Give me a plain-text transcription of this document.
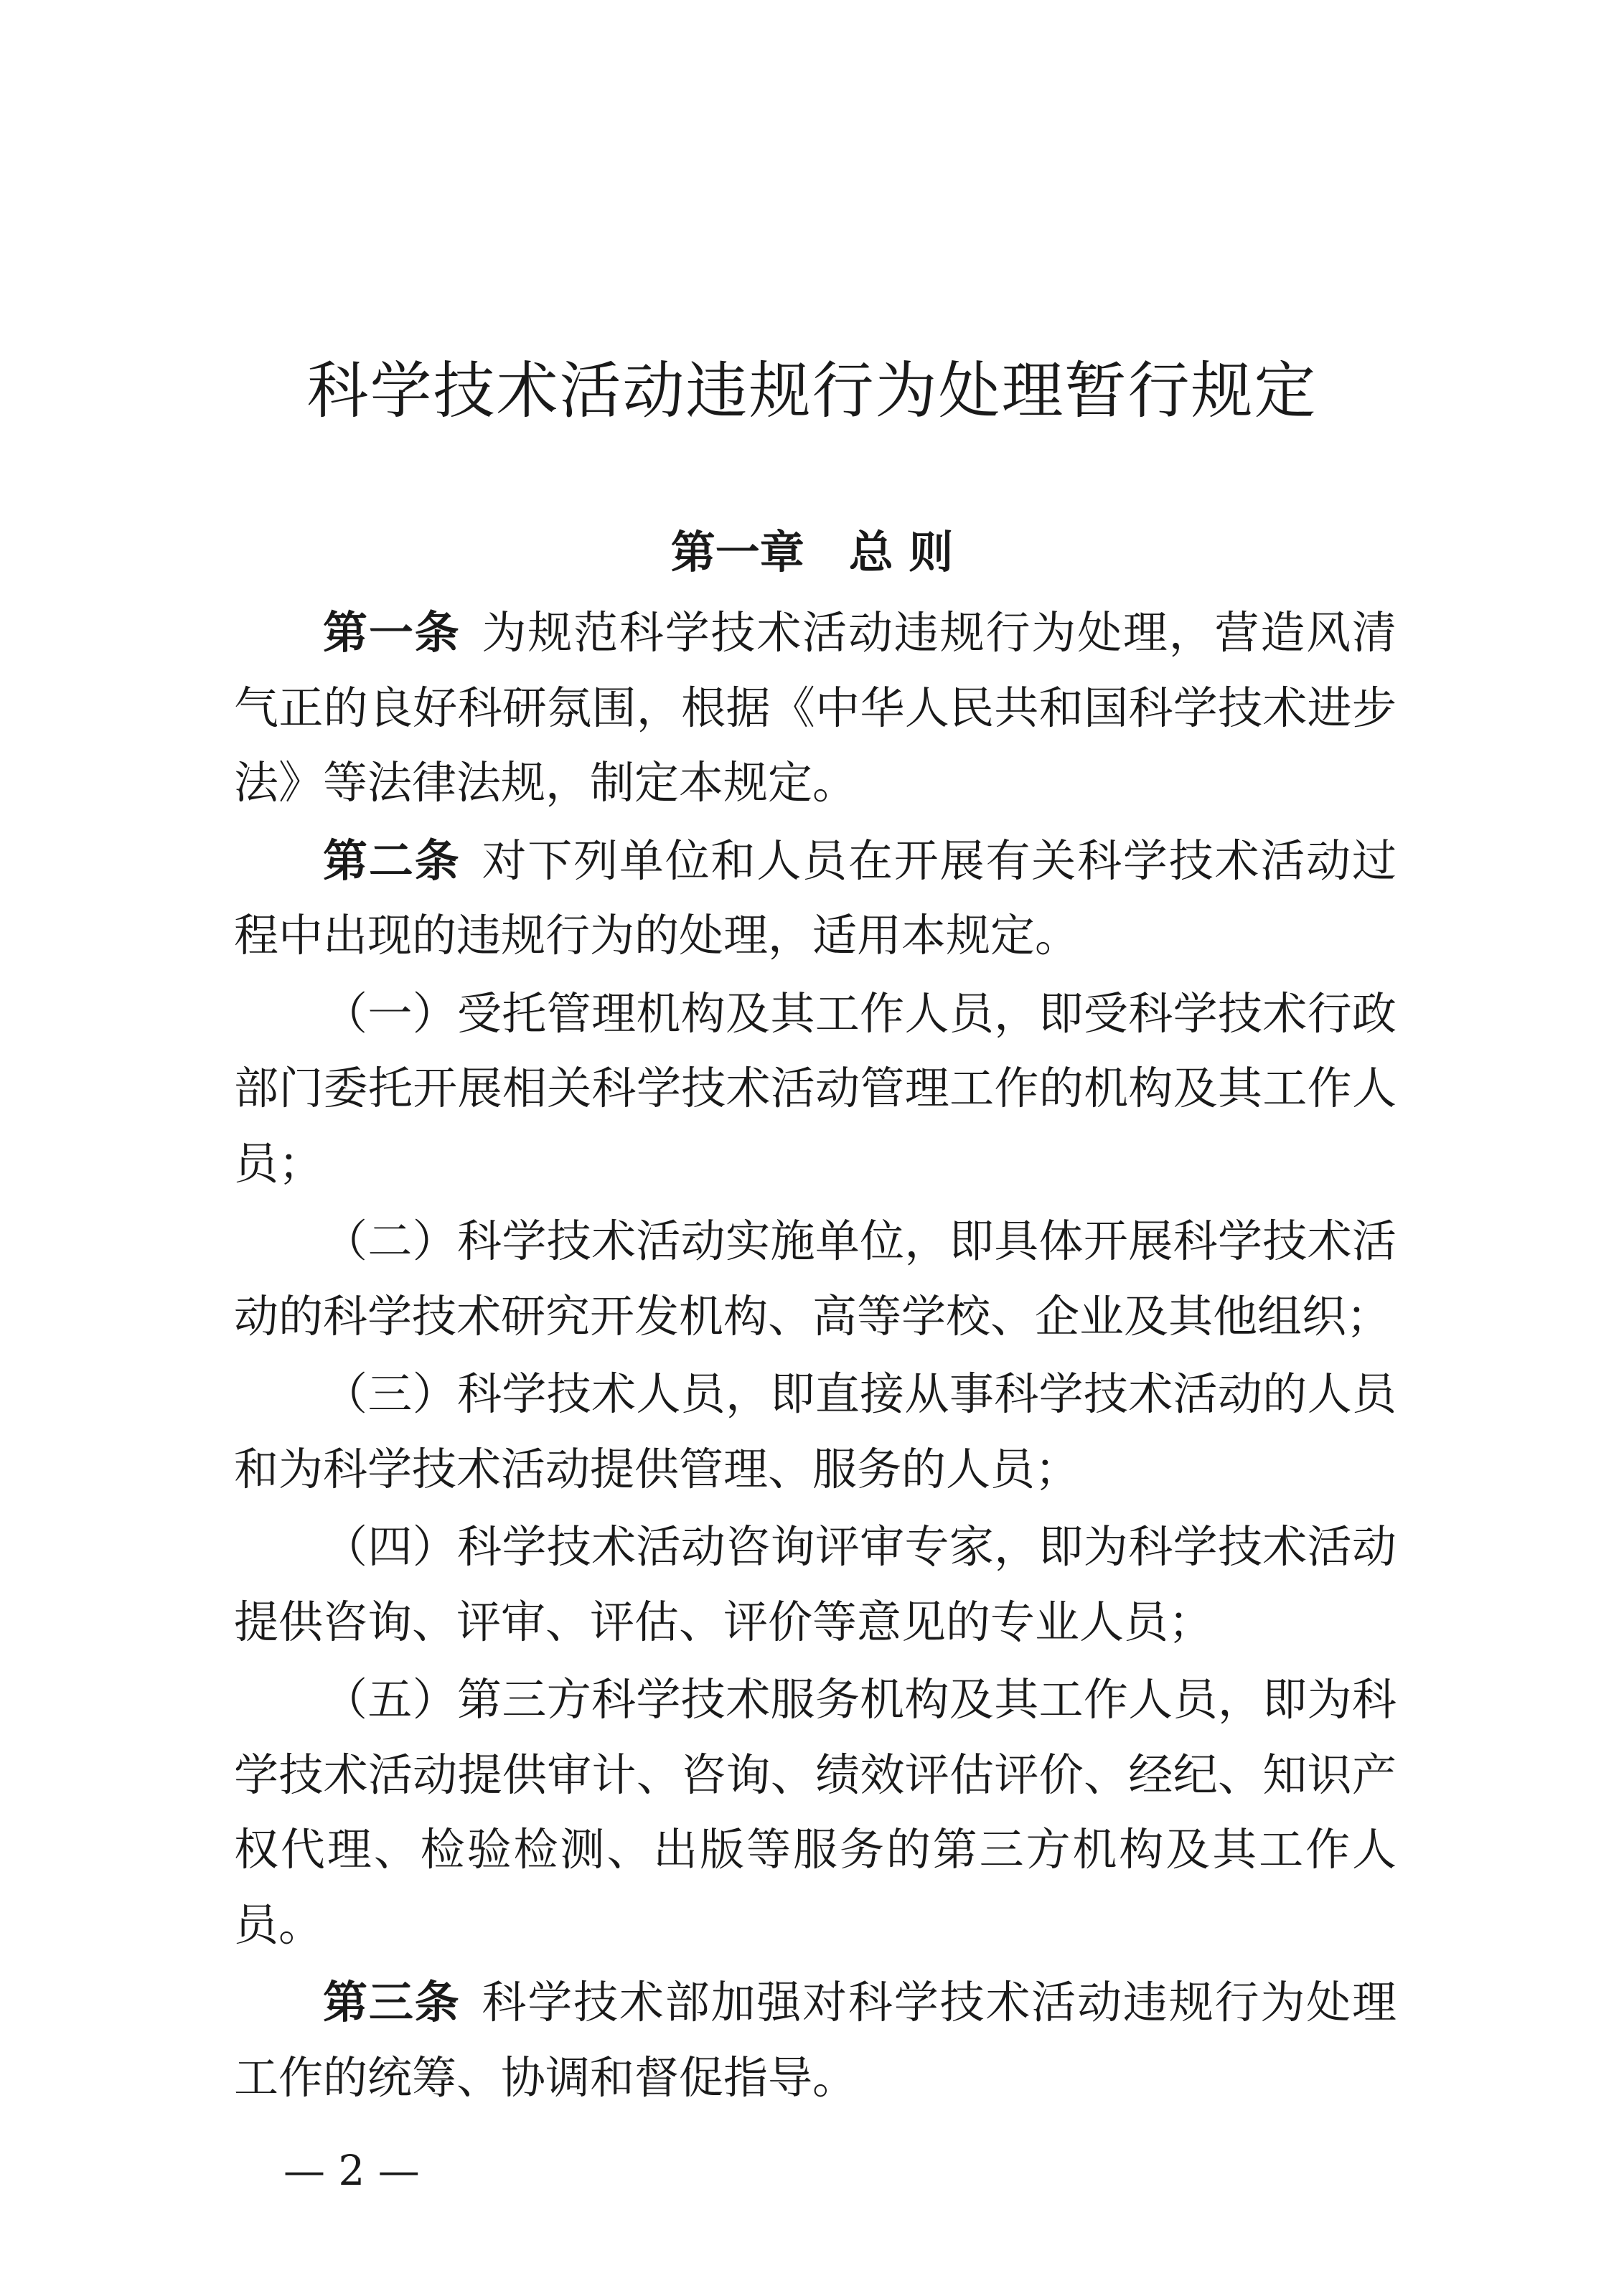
科学技术活动违规行为处理暂行规定
第一章　总 则

第一条 为规范科学技术活动违规行为处理，营造风清气正的良好科研氛围，根据《中华人民共和国科学技术进步法》等法律法规，制定本规定。

第二条 对下列单位和人员在开展有关科学技术活动过程中出现的违规行为的处理，适用本规定。

（一）受托管理机构及其工作人员，即受科学技术行政部门委托开展相关科学技术活动管理工作的机构及其工作人员；

（二）科学技术活动实施单位，即具体开展科学技术活动的科学技术研究开发机构、高等学校、企业及其他组织；

（三）科学技术人员，即直接从事科学技术活动的人员和为科学技术活动提供管理、服务的人员；

（四）科学技术活动咨询评审专家，即为科学技术活动提供咨询、评审、评估、评价等意见的专业人员；

（五）第三方科学技术服务机构及其工作人员，即为科学技术活动提供审计、咨询、绩效评估评价、经纪、知识产权代理、检验检测、出版等服务的第三方机构及其工作人员。

第三条 科学技术部加强对科学技术活动违规行为处理工作的统筹、协调和督促指导。

— 2 —
